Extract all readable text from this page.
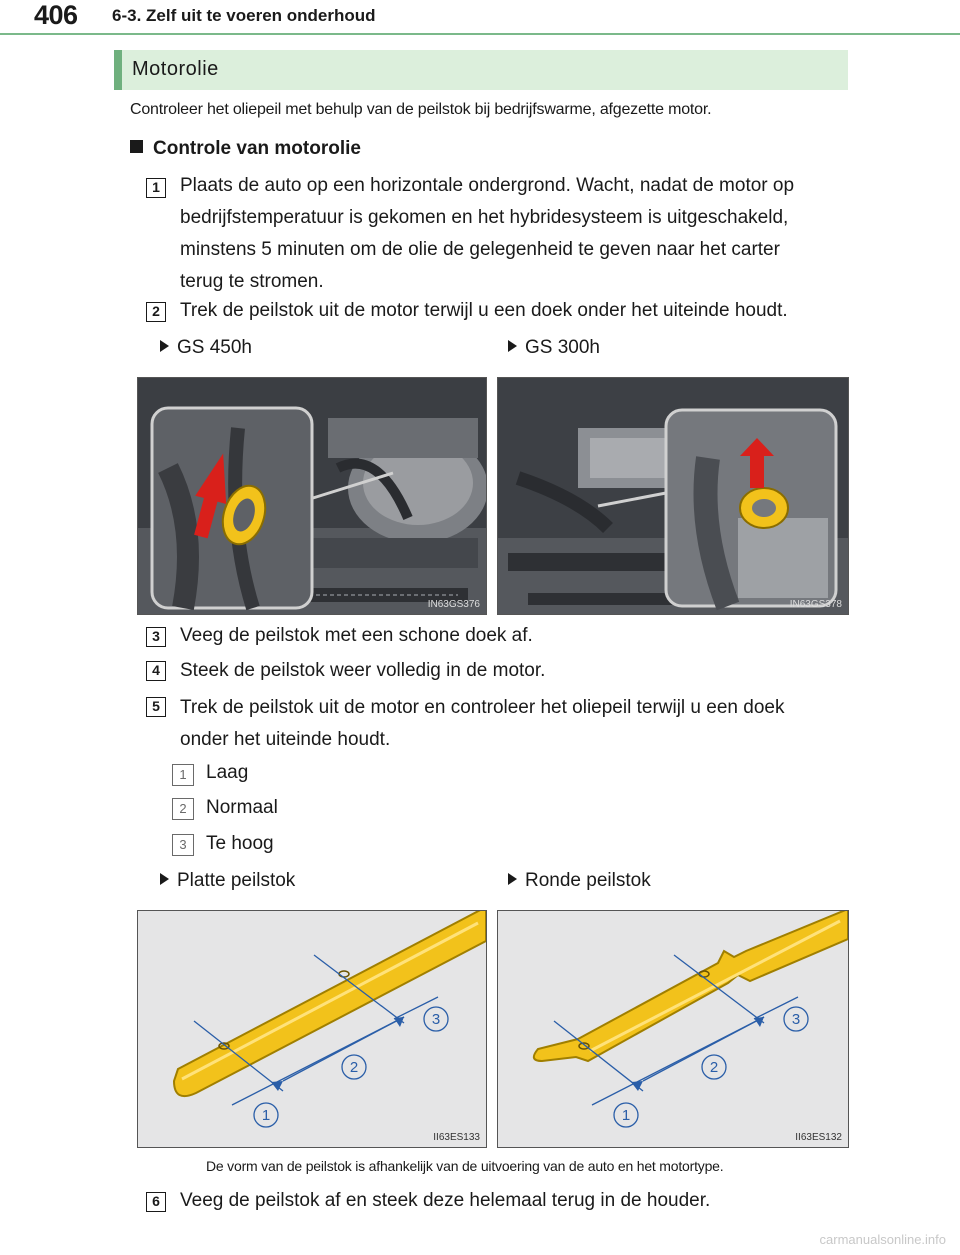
406 6-3. Zelf uit te voeren onderhoud
Motorolie
Controleer het oliepeil met behulp van de peilstok bij bedrijfswarme, afgezette motor.
Controle van motorolie
1	Plaats de auto op een horizontale ondergrond. Wacht, nadat de motor op
bedrijfstemperatuur is gekomen en het hybridesysteem is uitgeschakeld,
minstens 5 minuten om de olie de gelegenheid te geven naar het carter
terug te stromen.
2	Trek de peilstok uit de motor terwijl u een doek onder het uiteinde houdt.
GS 450h	GS 300h
IN63GS376	IN63GS378
3	Veeg de peilstok met een schone doek af.
4	Steek de peilstok weer volledig in de motor.
5	Trek de peilstok uit de motor en controleer het oliepeil terwijl u een doek
onder het uiteinde houdt.
1	Laag
2	Normaal
3	Te hoog
Platte peilstok	Ronde peilstok
3
2
1
II63ES133
3
2
1
II63ES132
De vorm van de peilstok is afhankelijk van de uitvoering van de auto en het motortype.
6	Veeg de peilstok af en steek deze helemaal terug in de houder.
carmanualsonline.info
